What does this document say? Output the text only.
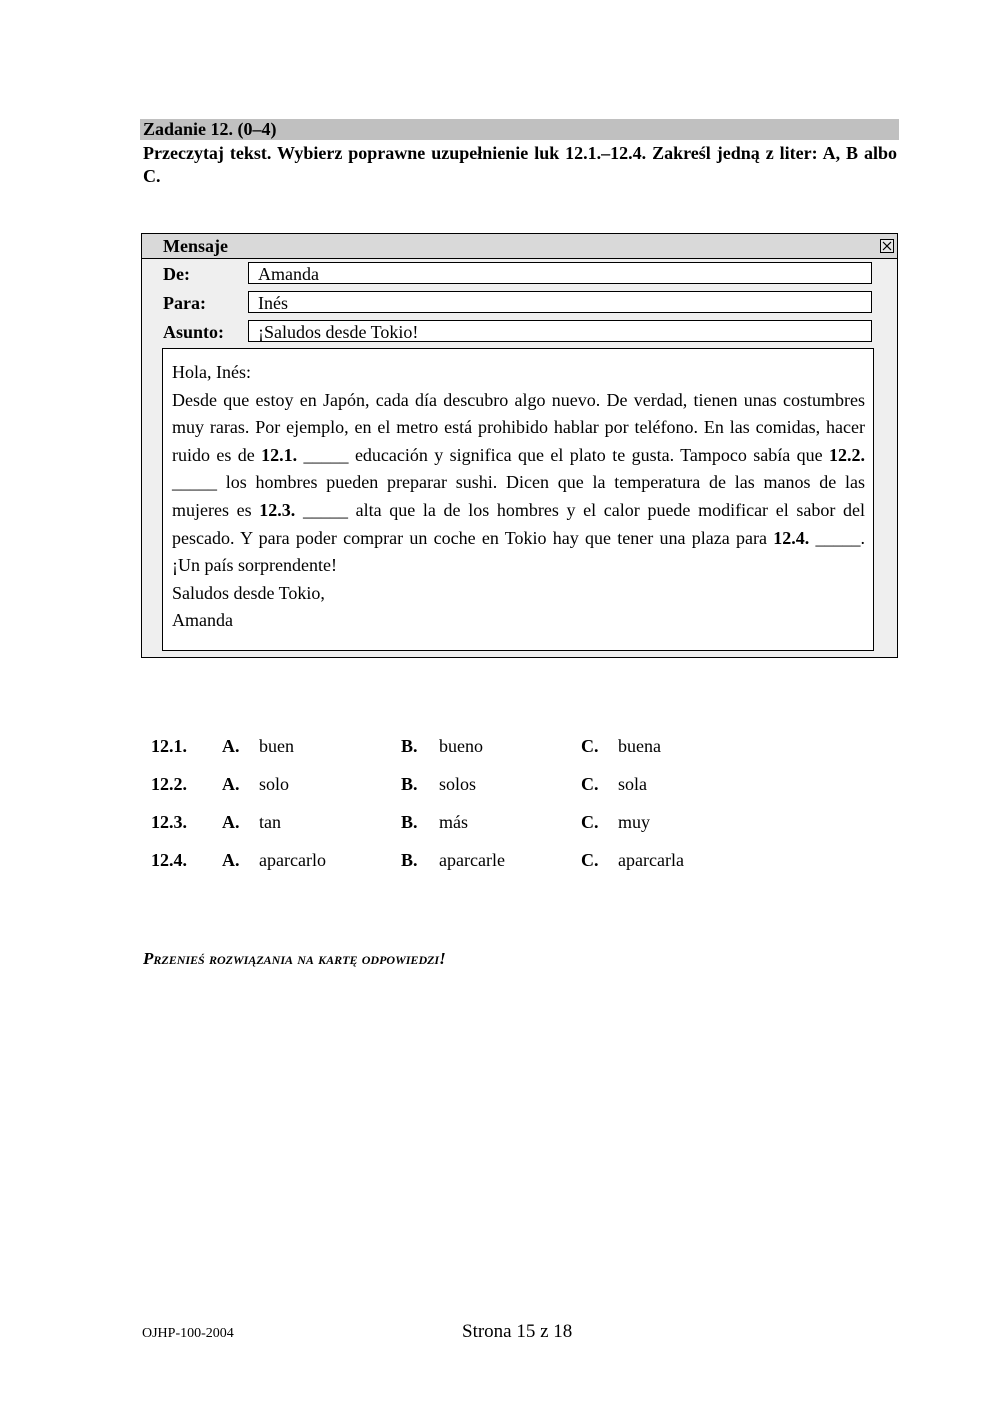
Zadanie 12. (0–4)
Przeczytaj tekst. Wybierz poprawne uzupełnienie luk 12.1.–12.4. Zakreśl jedną z liter: A, B albo C.
Mensaje
De:	Amanda
Para:	Inés
Asunto:	¡Saludos desde Tokio!

Hola, Inés:

Desde que estoy en Japón, cada día descubro algo nuevo. De verdad, tienen unas costumbres muy raras. Por ejemplo, en el metro está prohibido hablar por teléfono. En las comidas, hacer ruido es de 12.1. _____ educación y significa que el plato te gusta. Tampoco sabía que 12.2. _____ los hombres pueden preparar sushi. Dicen que la temperatura de las manos de las mujeres es 12.3. _____ alta que la de los hombres y el calor puede modificar el sabor del pescado. Y para poder comprar un coche en Tokio hay que tener una plaza para 12.4. _____. ¡Un país sorprendente!

Saludos desde Tokio,

Amanda

12.1. A. buen	B. bueno	C. buena
12.2. A. solo	B. solos	C. sola
12.3. A. tan	B. más	C. muy
12.4. A. aparcarlo	B. aparcarle	C. aparcarla
Przenieś rozwiązania na kartę odpowiedzi!
OJHP-100-2004	Strona 15 z 18
